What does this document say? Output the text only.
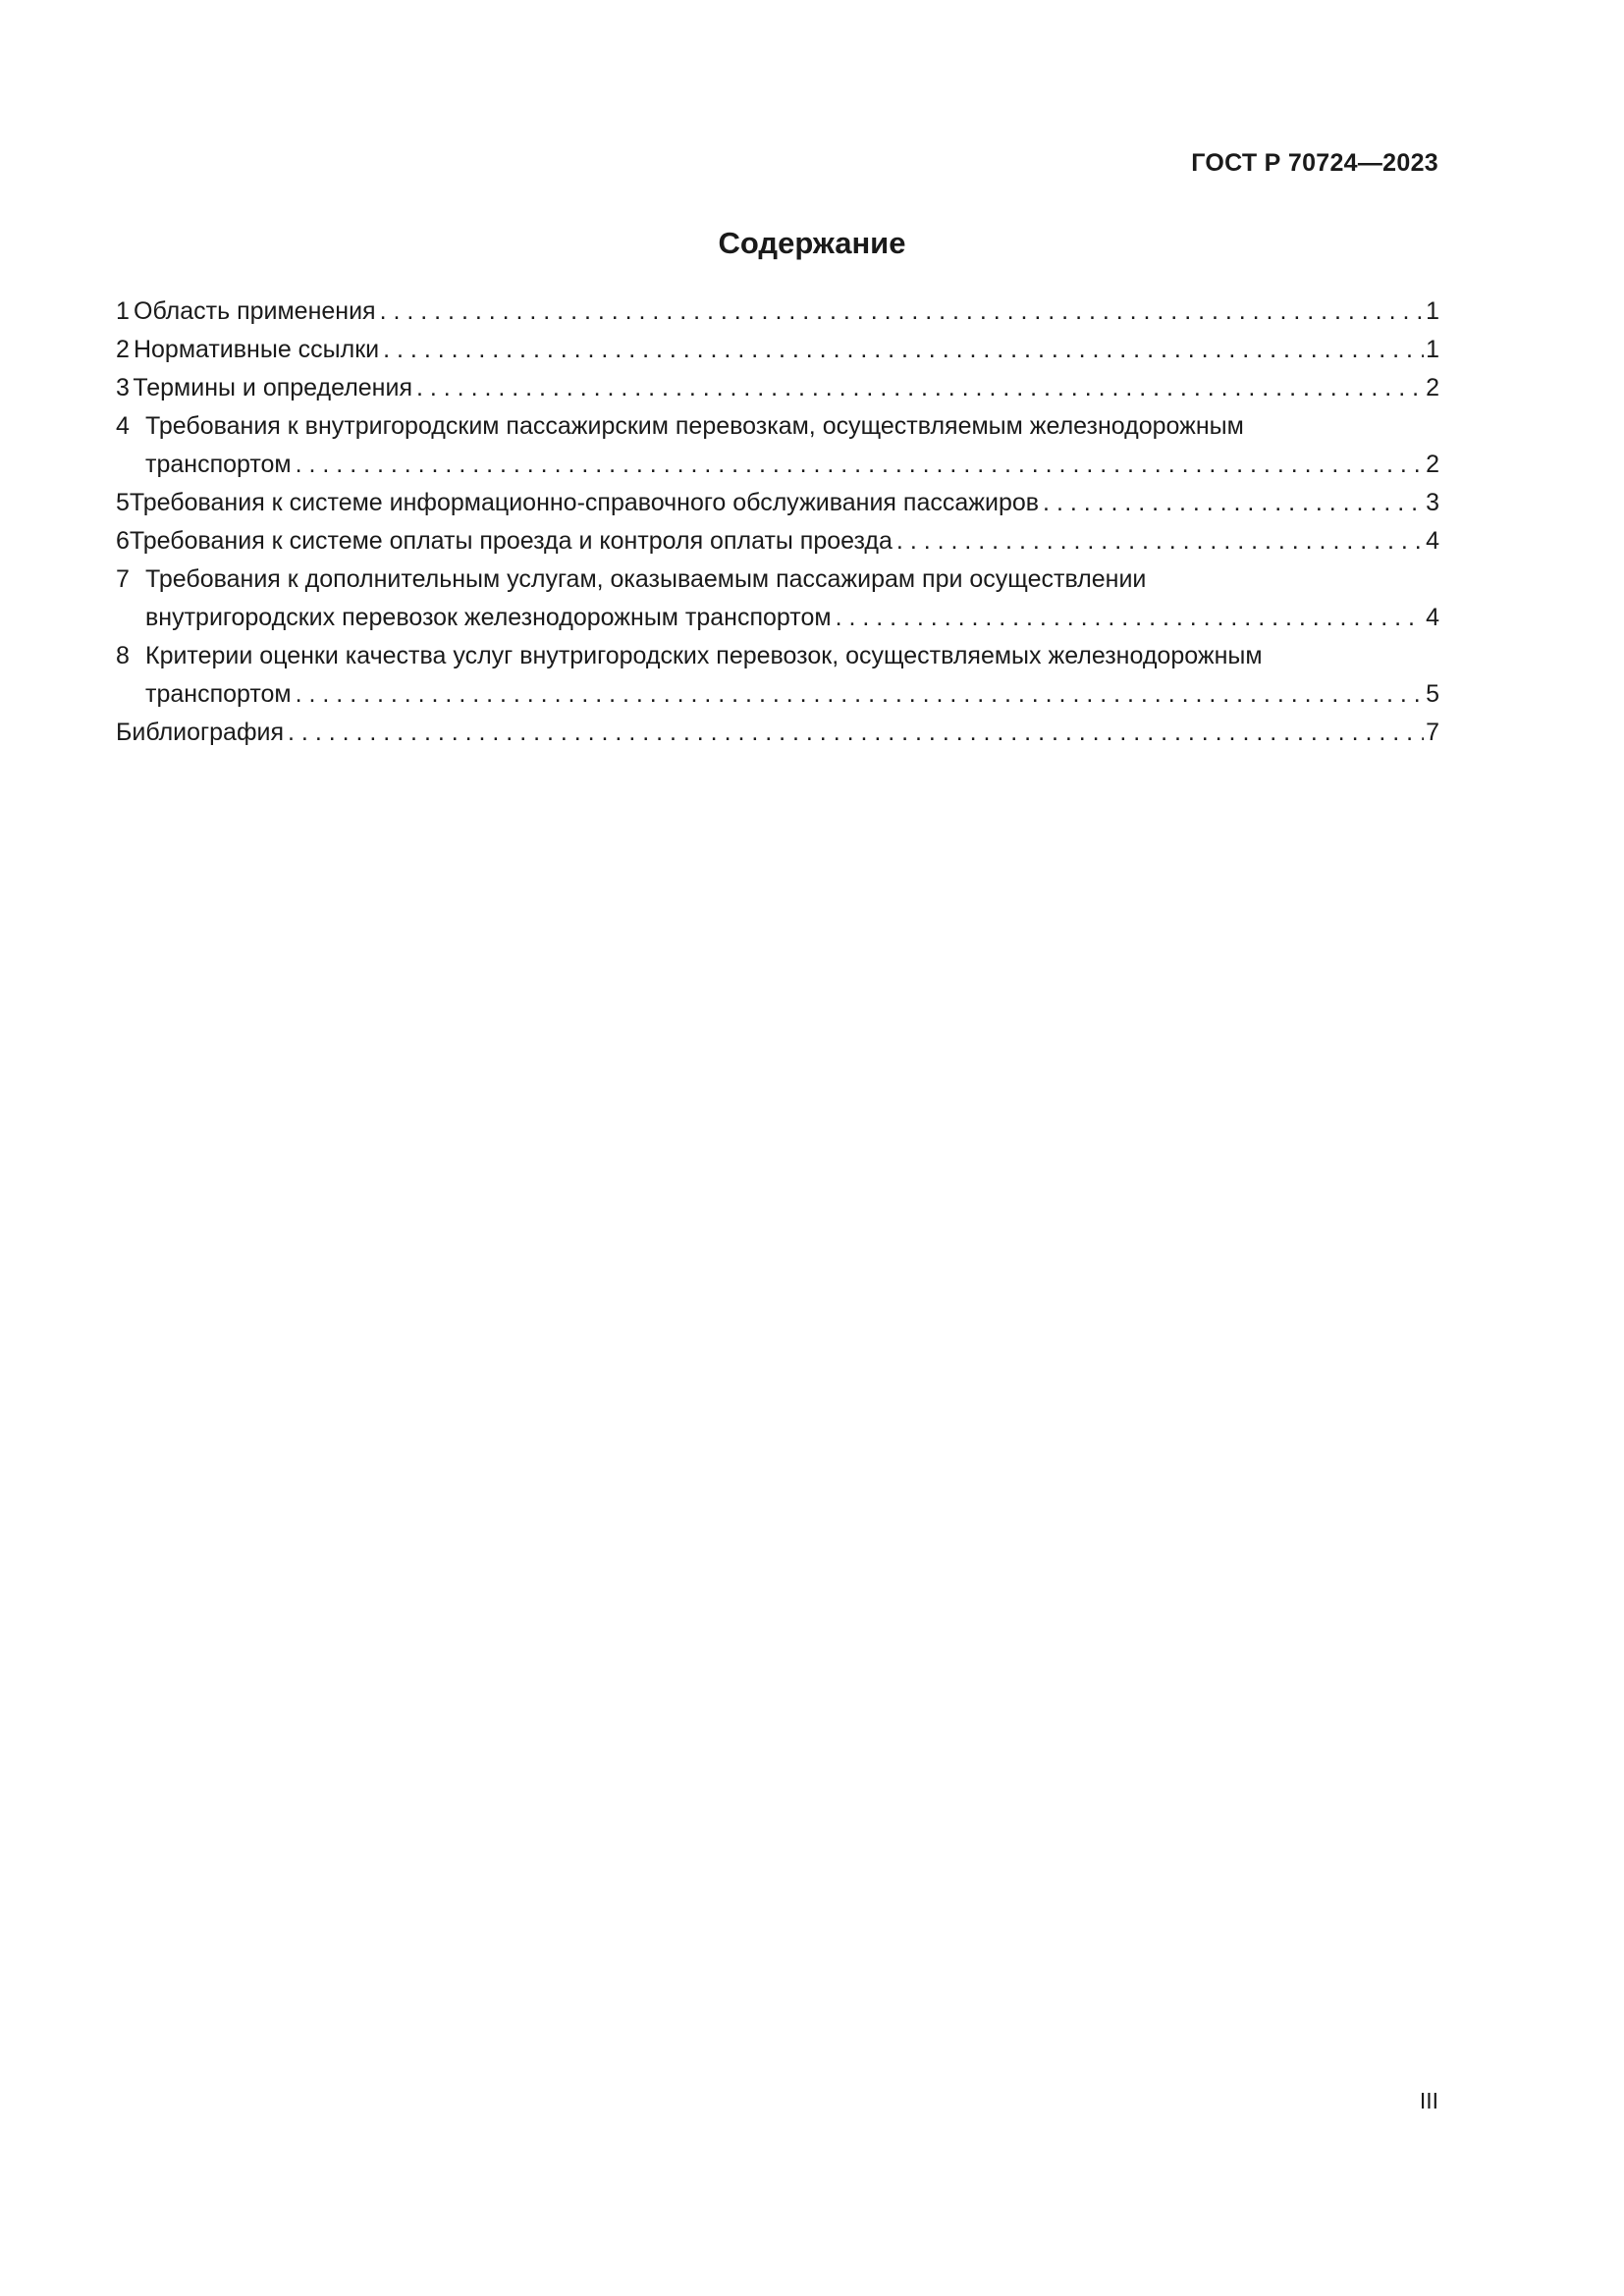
ГОСТ Р 70724—2023
Содержание
1 Область применения . . .	1
2 Нормативные ссылки . . .	1
3 Термины и определения . . .	2
4 Требования к внутригородским пассажирским перевозкам, осуществляемым железнодорожным
транспортом . . .	2
5 Требования к системе информационно-справочного обслуживания пассажиров . . .	3
6 Требования к системе оплаты проезда и контроля оплаты проезда . . .	4
7 Требования к дополнительным услугам, оказываемым пассажирам при осуществлении
внутригородских перевозок железнодорожным транспортом . . .	4
8 Критерии оценки качества услуг внутригородских перевозок, осуществляемых железнодорожным
транспортом . . .	5
Библиография . . .	7
III
